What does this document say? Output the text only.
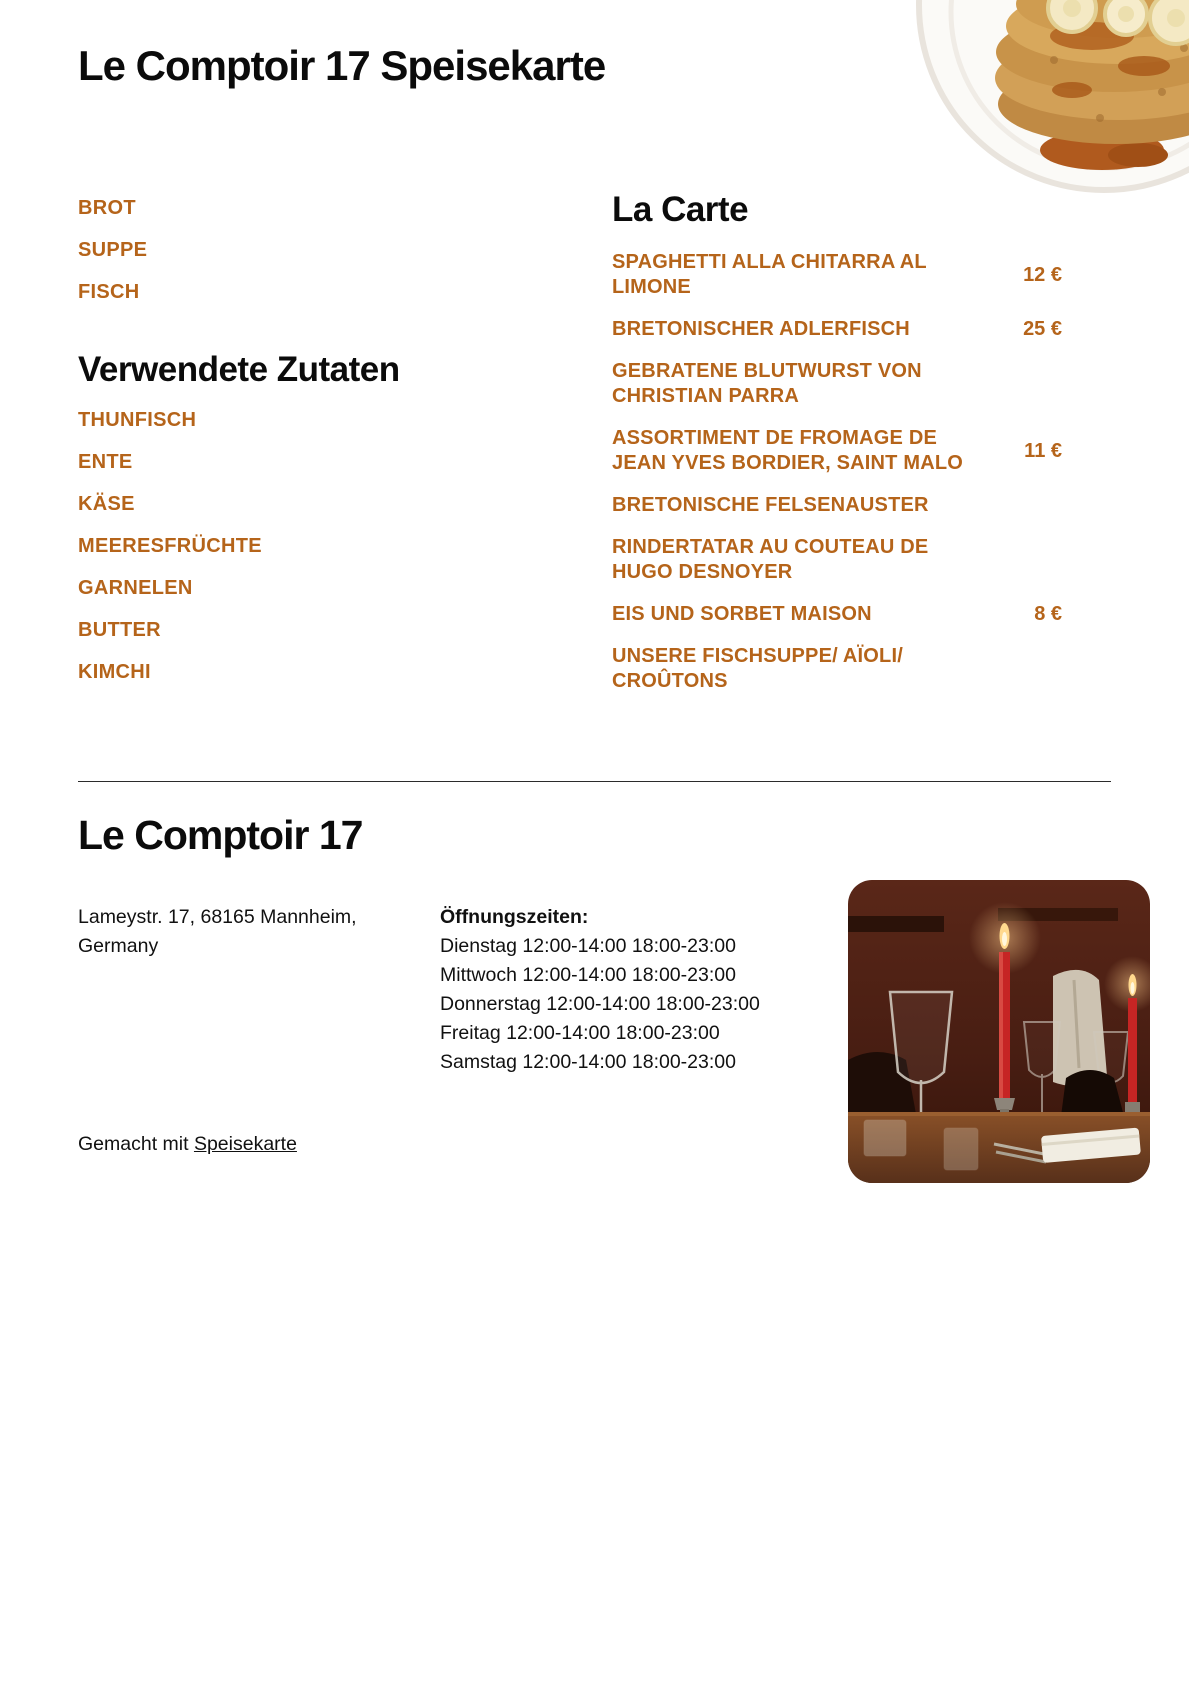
Le Comptoir 17 Speisekarte
BROT
SUPPE
FISCH
Verwendete Zutaten
THUNFISCH
ENTE
KÄSE
MEERESFRÜCHTE
GARNELEN
BUTTER
KIMCHI
La Carte
SPAGHETTI ALLA CHITARRA AL LIMONE
12 €
BRETONISCHER ADLERFISCH	25 €
GEBRATENE BLUTWURST VON CHRISTIAN PARRA
ASSORTIMENT DE FROMAGE DE JEAN YVES BORDIER, SAINT MALO
11 €
BRETONISCHE FELSENAUSTER
RINDERTATAR AU COUTEAU DE HUGO DESNOYER
EIS UND SORBET MAISON	8 €
UNSERE FISCHSUPPE/ AÏOLI/ CROÛTONS
Le Comptoir 17
Lameystr. 17, 68165 Mannheim,
Germany
Öffnungszeiten:
Dienstag 12:00-14:00 18:00-23:00
Mittwoch 12:00-14:00 18:00-23:00
Donnerstag 12:00-14:00 18:00-23:00
Freitag 12:00-14:00 18:00-23:00
Samstag 12:00-14:00 18:00-23:00
Gemacht mit Speisekarte
